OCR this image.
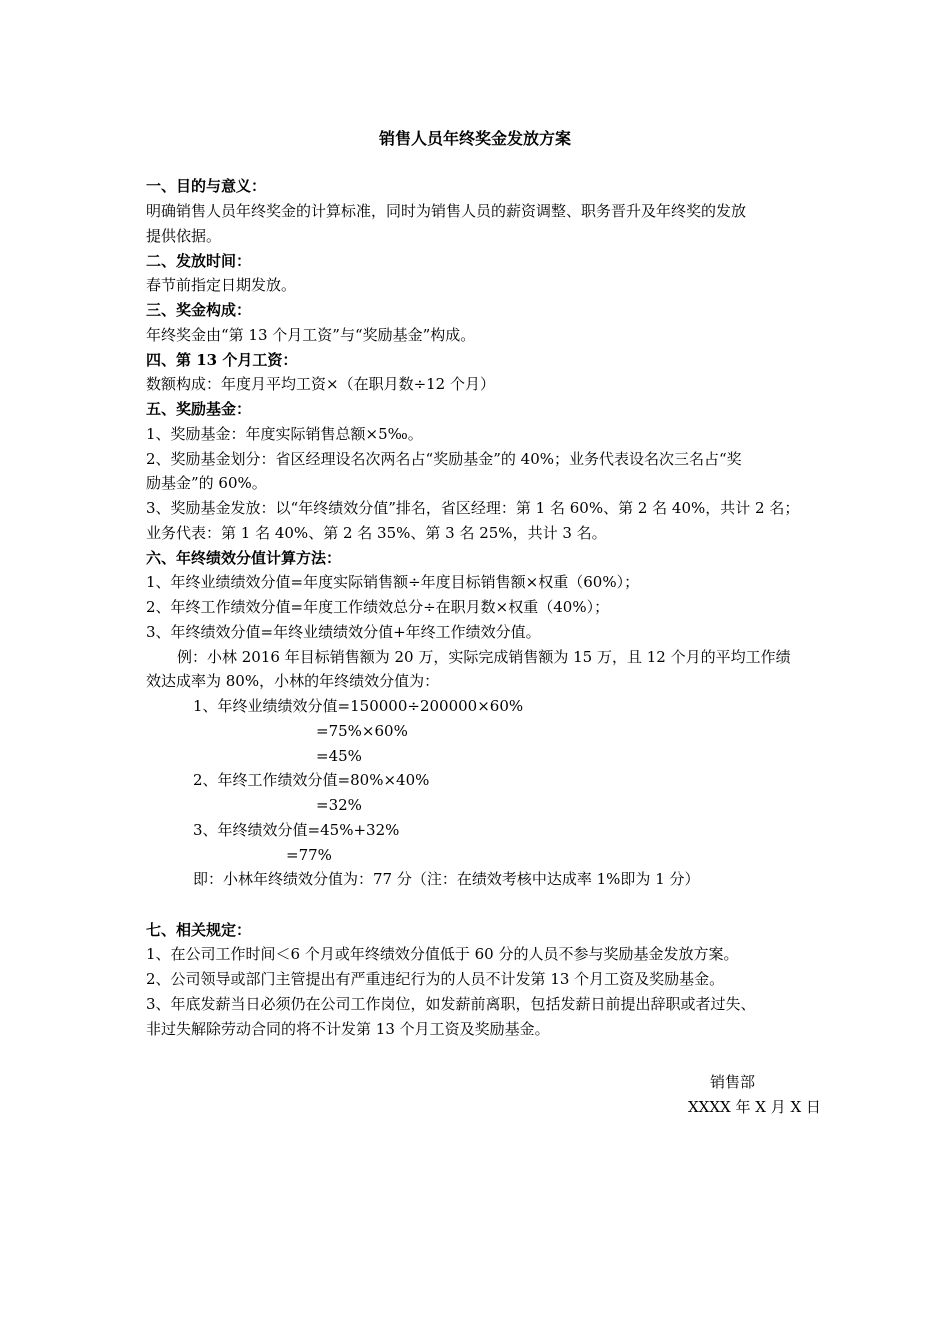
销售人员年终奖金发放方案
一、目的与意义：
明确销售人员年终奖金的计算标准，同时为销售人员的薪资调整、职务晋升及年终奖的发放
提供依据。
二、发放时间：
春节前指定日期发放。
三、奖金构成：
年终奖金由“第 13 个月工资”与“奖励基金”构成。
四、第 13 个月工资：
数额构成：年度月平均工资×（在职月数÷12 个月）
五、奖励基金：
1、奖励基金：年度实际销售总额×5‰。
2、奖励基金划分：省区经理设名次两名占“奖励基金”的 40%；业务代表设名次三名占“奖
励基金”的 60%。
3、奖励基金发放：以“年终绩效分值”排名，省区经理：第 1 名 60%、第 2 名 40%，共计 2 名；
业务代表：第 1 名 40%、第 2 名 35%、第 3 名 25%，共计 3 名。
六、年终绩效分值计算方法：
1、年终业绩绩效分值=年度实际销售额÷年度目标销售额×权重（60%）；
2、年终工作绩效分值=年度工作绩效总分÷在职月数×权重（40%）；
3、年终绩效分值=年终业绩绩效分值+年终工作绩效分值。
例：小林 2016 年目标销售额为 20 万，实际完成销售额为 15 万，且 12 个月的平均工作绩
效达成率为 80%，小林的年终绩效分值为：
1、年终业绩绩效分值=150000÷200000×60%
=75%×60%
=45%
2、年终工作绩效分值=80%×40%
=32%
3、年终绩效分值=45%+32%
=77%
即：小林年终绩效分值为：77 分（注：在绩效考核中达成率 1%即为 1 分）
七、相关规定：
1、在公司工作时间＜6 个月或年终绩效分值低于 60 分的人员不参与奖励基金发放方案。
2、公司领导或部门主管提出有严重违纪行为的人员不计发第 13 个月工资及奖励基金。
3、年底发薪当日必须仍在公司工作岗位，如发薪前离职，包括发薪日前提出辞职或者过失、
非过失解除劳动合同的将不计发第 13 个月工资及奖励基金。
销售部
XXXX 年 X 月 X 日
